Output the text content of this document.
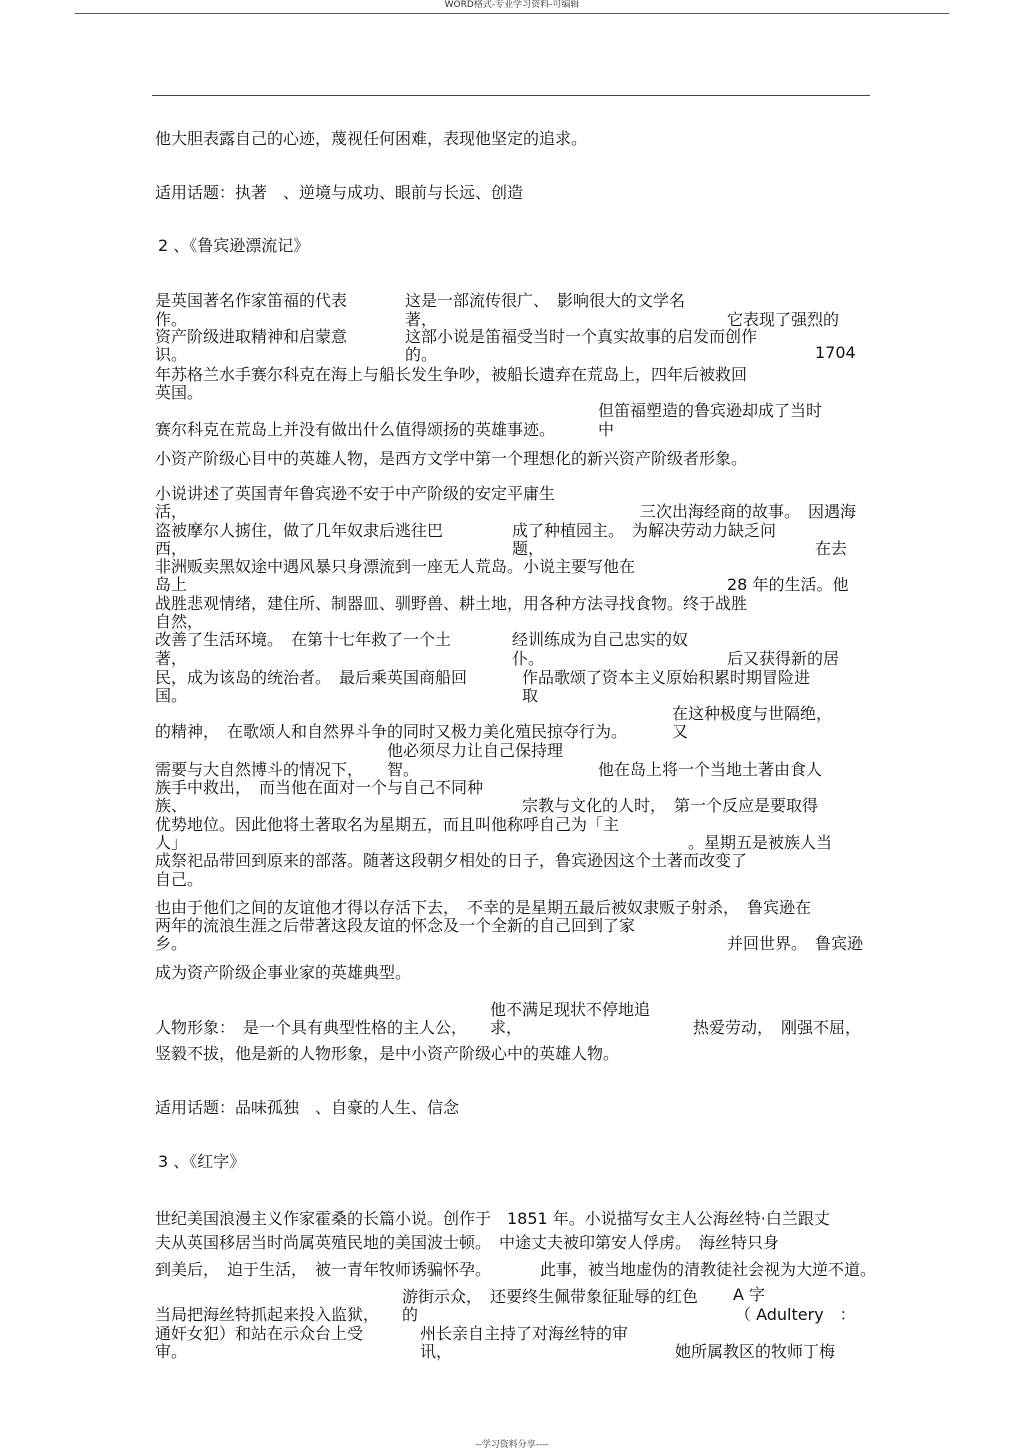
WORD格式-专业学习资料-可编辑
他大胆表露自己的心迹，蔑视任何困难，表现他坚定的追求。
适用话题：执著　、逆境与成功、眼前与长远、创造
2 、《鲁宾逊漂流记》
是英国著名作家笛福的代表	这是一部流传很广、　影响很大的文学名
作。	著，	它表现了强烈的
资产阶级进取精神和启蒙意	这部小说是笛福受当时一个真实故事的启发而创作
识。	的。	1704
年苏格兰水手赛尔科克在海上与船长发生争吵，被船长遗弃在荒岛上，四年后被救回
英国。
但笛福塑造的鲁宾逊却成了当时
赛尔科克在荒岛上并没有做出什么值得颂扬的英雄事迹。	中
小资产阶级心目中的英雄人物，是西方文学中第一个理想化的新兴资产阶级者形象。
小说讲述了英国青年鲁宾逊不安于中产阶级的安定平庸生
活，	三次出海经商的故事。　因遇海
盗被摩尔人掳住，做了几年奴隶后逃往巴	成了种植园主。　为解决劳动力缺乏问
西，	题，	在去
非洲贩卖黑奴途中遇风暴只身漂流到一座无人荒岛。小说主要写他在
岛上	28 年的生活。他
战胜悲观情绪，建住所、制器皿、驯野兽、耕土地，用各种方法寻找食物。终于战胜
自然，
改善了生活环境。　在第十七年救了一个土	经训练成为自己忠实的奴
著，	仆。	后又获得新的居
民，成为该岛的统治者。　最后乘英国商船回	作品歌颂了资本主义原始积累时期冒险进
国。	取
在这种极度与世隔绝，
的精神，　在歌颂人和自然界斗争的同时又极力美化殖民掠夺行为。	又
他必须尽力让自己保持理
需要与大自然博斗的情况下， 智。	他在岛上将一个当地土著由食人
族手中救出，　而当他在面对一个与自己不同种
族、	宗教与文化的人时，　第一个反应是要取得
优势地位。因此他将土著取名为星期五，而且叫他称呼自己为「主
人」	。星期五是被族人当
成祭祀品带回到原来的部落。随著这段朝夕相处的日子，鲁宾逊因这个土著而改变了
自己。
也由于他们之间的友谊他才得以存活下去，　不幸的是星期五最后被奴隶贩子射杀，　鲁宾逊在
两年的流浪生涯之后带著这段友谊的怀念及一个全新的自己回到了家
乡。	并回世界。　鲁宾逊
成为资产阶级企事业家的英雄典型。
他不满足现状不停地追
人物形象：　是一个具有典型性格的主人公， 求，	热爱劳动，　刚强不屈，
竖毅不拔，他是新的人物形象，是中小资产阶级心中的英雄人物。
适用话题：品味孤独　、自豪的人生、信念
3 、《红字》
世纪美国浪漫主义作家霍桑的长篇小说。创作于　1851 年。小说描写女主人公海丝特·白兰跟丈
夫从英国移居当时尚属英殖民地的美国波士顿。　中途丈夫被印第安人俘虏。　海丝特只身
到美后，　迫于生活，　被一青年牧师诱骗怀孕。	此事，被当地虚伪的清教徒社会视为大逆不道。
游街示众，　还要终生佩带象征耻辱的红色 A 字
当局把海丝特抓起来投入监狱， 的	（ Adultery　：
通奸女犯）和站在示众台上受	州长亲自主持了对海丝特的审
审。	讯，	她所属教区的牧师丁梅
--学习资料分享----
